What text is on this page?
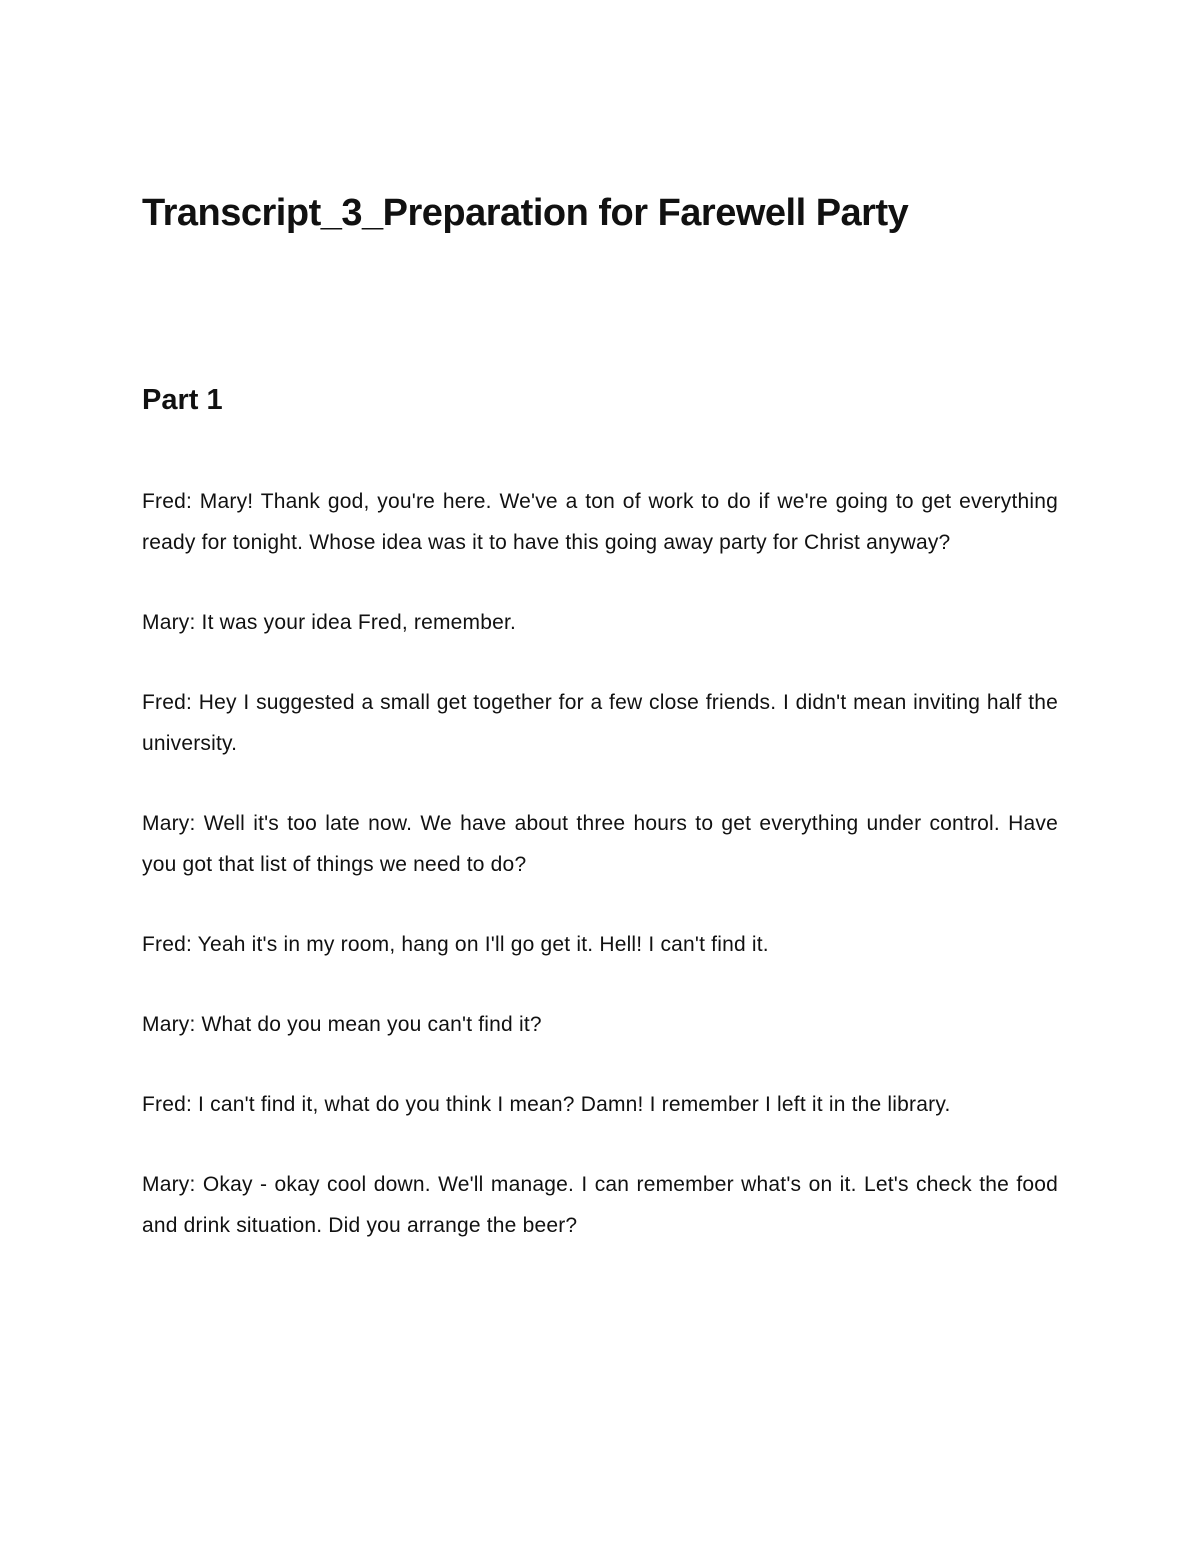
Transcript_3_Preparation for Farewell Party
Part 1

Fred: Mary! Thank god, you're here. We've a ton of work to do if we're going to get everything ready for tonight. Whose idea was it to have this going away party for Christ anyway?

Mary: It was your idea Fred, remember.

Fred: Hey I suggested a small get together for a few close friends. I didn't mean inviting half the university.

Mary: Well it's too late now. We have about three hours to get everything under control. Have you got that list of things we need to do?

Fred: Yeah it's in my room, hang on I'll go get it. Hell! I can't find it.

Mary: What do you mean you can't find it?

Fred: I can't find it, what do you think I mean? Damn! I remember I left it in the library.

Mary: Okay - okay cool down. We'll manage. I can remember what's on it. Let's check the food and drink situation. Did you arrange the beer?
